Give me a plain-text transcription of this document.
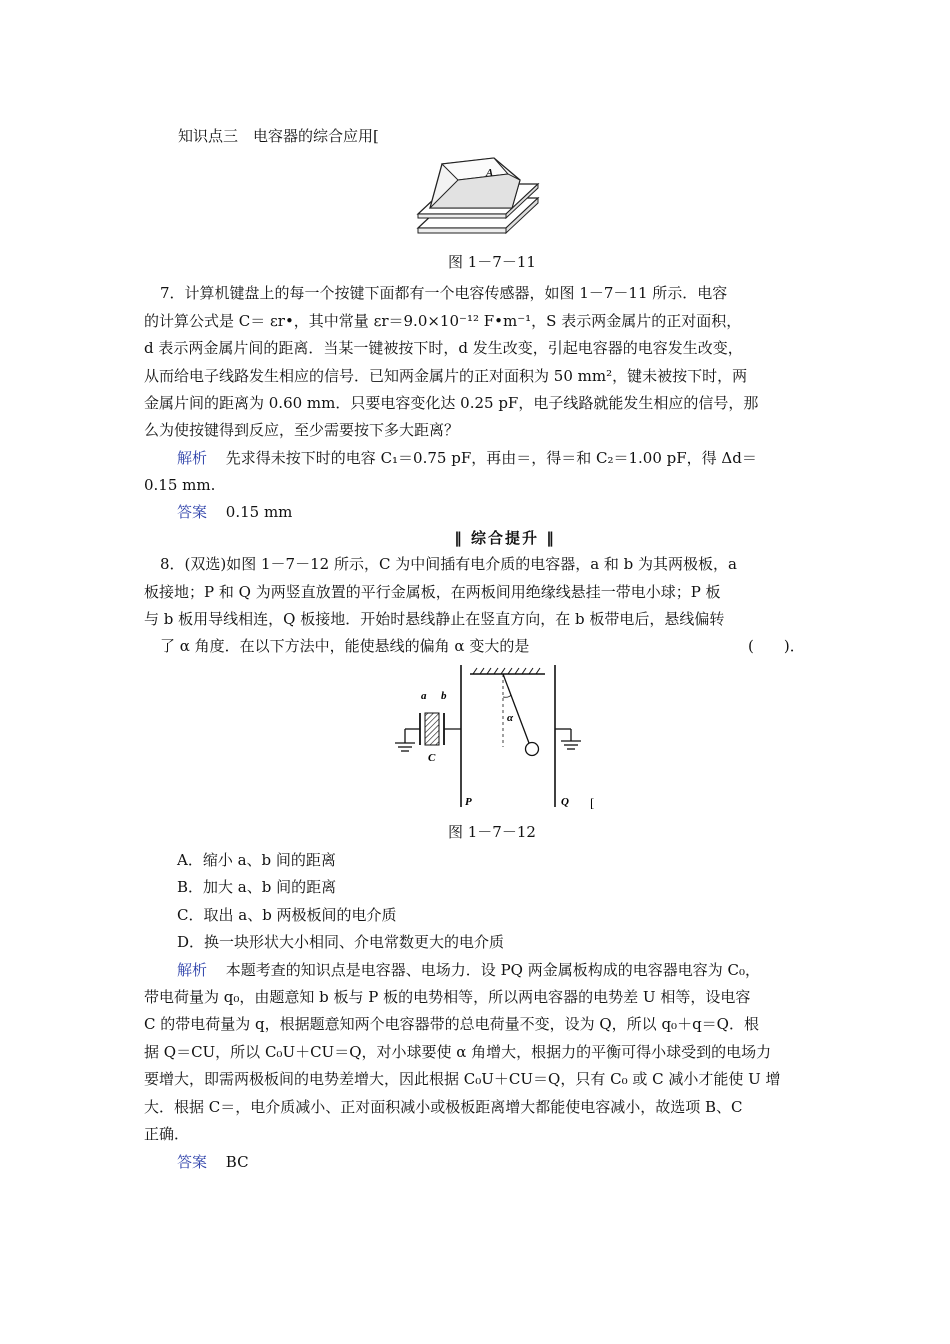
知识点三　电容器的综合应用[
A
图 1－7－11
7．计算机键盘上的每一个按键下面都有一个电容传感器，如图 1－7－11 所示．电容
的计算公式是 C＝ εr•，其中常量 εr＝9.0×10⁻¹² F•m⁻¹，S 表示两金属片的正对面积，
d 表示两金属片间的距离．当某一键被按下时，d 发生改变，引起电容器的电容发生改变，
从而给电子线路发生相应的信号．已知两金属片的正对面积为 50 mm²，键未被按下时，两
金属片间的距离为 0.60 mm．只要电容变化达 0.25 pF，电子线路就能发生相应的信号，那
么为使按键得到反应，至少需要按下多大距离？
解析 先求得未按下时的电容 C₁＝0.75 pF，再由＝，得＝和 C₂＝1.00 pF，得 Δd＝
0.15 mm.
答案 0.15 mm
‖ 综合提升 ‖
8．(双选)如图 1－7－12 所示，C 为中间插有电介质的电容器，a 和 b 为其两极板，a
板接地；P 和 Q 为两竖直放置的平行金属板，在两板间用绝缘线悬挂一带电小球；P 板
与 b 板用导线相连，Q 板接地．开始时悬线静止在竖直方向，在 b 板带电后，悬线偏转
了 α 角度．在以下方法中，能使悬线的偏角 α 变大的是	(　　)．
α
a b
C
P	Q [
图 1－7－12
A．缩小 a、b 间的距离
B．加大 a、b 间的距离
C．取出 a、b 两极板间的电介质
D．换一块形状大小相同、介电常数更大的电介质
解析 本题考查的知识点是电容器、电场力．设 PQ 两金属板构成的电容器电容为 C₀，
带电荷量为 q₀，由题意知 b 板与 P 板的电势相等，所以两电容器的电势差 U 相等，设电容
C 的带电荷量为 q，根据题意知两个电容器带的总电荷量不变，设为 Q，所以 q₀＋q＝Q．根
据 Q＝CU，所以 C₀U＋CU＝Q，对小球要使 α 角增大，根据力的平衡可得小球受到的电场力
要增大，即需两极板间的电势差增大，因此根据 C₀U＋CU＝Q，只有 C₀ 或 C 减小才能使 U 增
大．根据 C＝，电介质减小、正对面积减小或极板距离增大都能使电容减小，故选项 B、C
正确．
答案 BC
